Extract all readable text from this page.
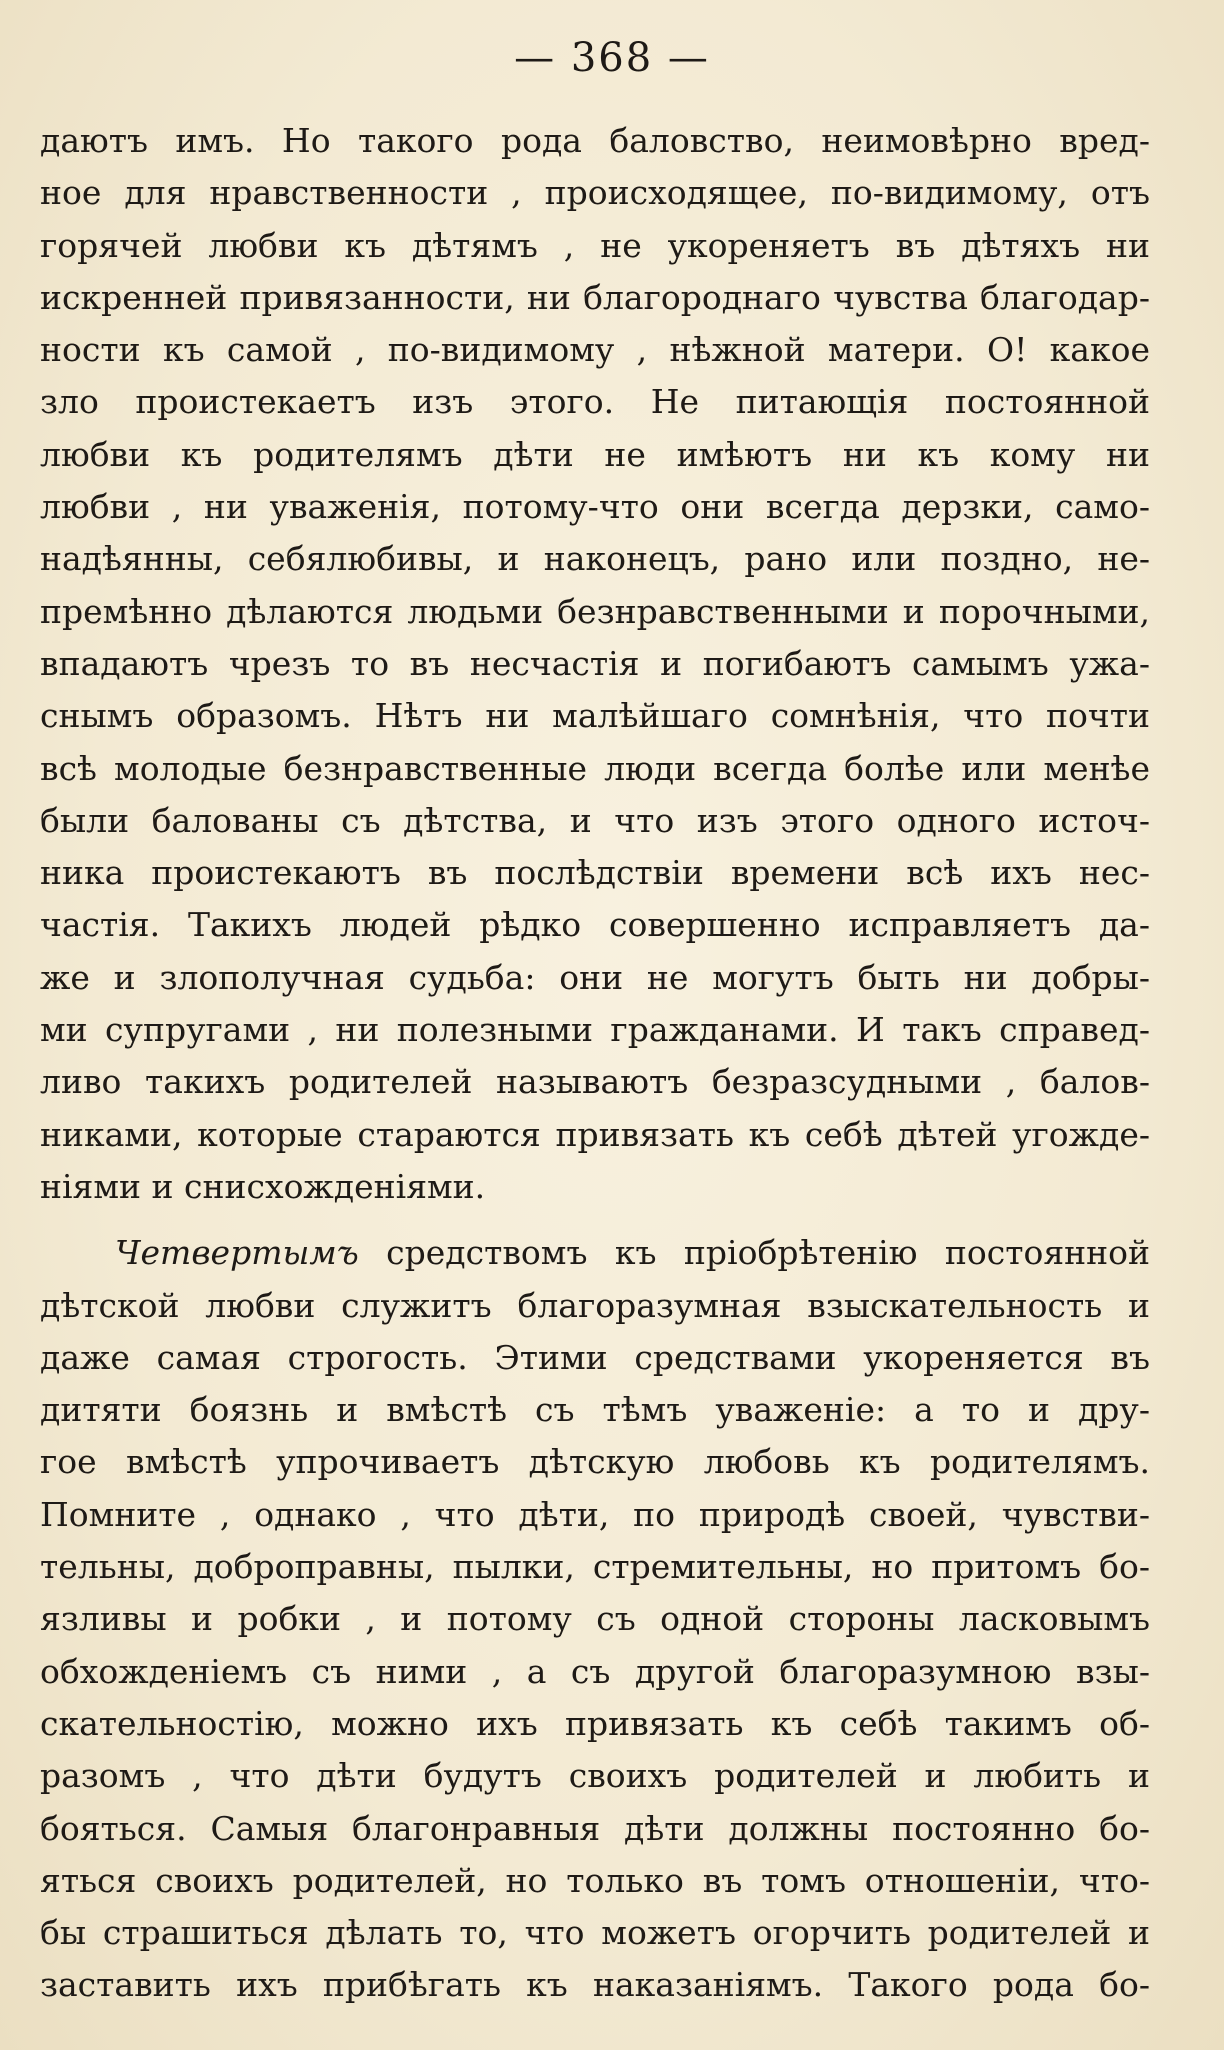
— 368 —
даютъ имъ. Но такого рода баловство, неимовѣрно вред-
ное для нравственности , происходящее, по-видимому, отъ
горячей любви къ дѣтямъ , не укореняетъ въ дѣтяхъ ни
искренней привязанности, ни благороднаго чувства благодар-
ности къ самой , по-видимому , нѣжной матери. О! какое
зло проистекаетъ изъ этого. Не питающія постоянной
любви къ родителямъ дѣти не имѣютъ ни къ кому ни
любви , ни уваженія, потому-что они всегда дерзки, само-
надѣянны, себялюбивы, и наконецъ, рано или поздно, не-
премѣнно дѣлаются людьми безнравственными и порочными,
впадаютъ чрезъ то въ несчастія и погибаютъ самымъ ужа-
снымъ образомъ. Нѣтъ ни малѣйшаго сомнѣнія, что почти
всѣ молодые безнравственные люди всегда болѣе или менѣе
были балованы съ дѣтства, и что изъ этого одного источ-
ника проистекаютъ въ послѣдствіи времени всѣ ихъ нес-
частія. Такихъ людей рѣдко совершенно исправляетъ да-
же и злополучная судьба: они не могутъ быть ни добры-
ми супругами , ни полезными гражданами. И такъ справед-
ливо такихъ родителей называютъ безразсудными , балов-
никами, которые стараются привязать къ себѣ дѣтей угожде-
ніями и снисхожденіями.
Четвертымъ средствомъ къ пріобрѣтенію постоянной
дѣтской любви служитъ благоразумная взыскательность и
даже самая строгость. Этими средствами укореняется въ
дитяти боязнь и вмѣстѣ съ тѣмъ уваженіе: а то и дру-
гое вмѣстѣ упрочиваетъ дѣтскую любовь къ родителямъ.
Помните , однако , что дѣти, по природѣ своей, чувстви-
тельны, доброправны, пылки, стремительны, но притомъ бо-
язливы и робки , и потому съ одной стороны ласковымъ
обхожденіемъ съ ними , а съ другой благоразумною взы-
скательностію, можно ихъ привязать къ себѣ такимъ об-
разомъ , что дѣти будутъ своихъ родителей и любить и
бояться. Самыя благонравныя дѣти должны постоянно бо-
яться своихъ родителей, но только въ томъ отношеніи, что-
бы страшиться дѣлать то, что можетъ огорчить родителей и
заставить ихъ прибѣгать къ наказаніямъ. Такого рода бо-
